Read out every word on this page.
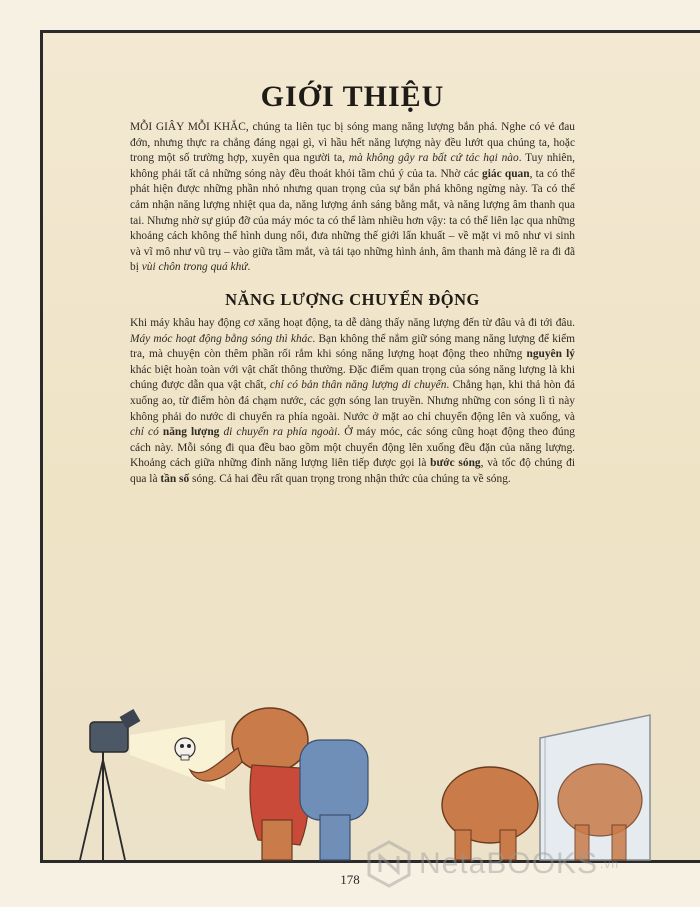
GIỚI THIỆU

MỖI GIÂY MỖI KHẮC, chúng ta liên tục bị sóng mang năng lượng bắn phá. Nghe có vẻ đau đớn, nhưng thực ra chẳng đáng ngại gì, vì hầu hết năng lượng này đều lướt qua chúng ta, hoặc trong một số trường hợp, xuyên qua người ta, mà không gây ra bất cứ tác hại nào. Tuy nhiên, không phải tất cả những sóng này đều thoát khỏi tầm chú ý của ta. Nhờ các giác quan, ta có thể phát hiện được những phần nhỏ nhưng quan trọng của sự bắn phá không ngừng này. Ta có thể cảm nhận năng lượng nhiệt qua da, năng lượng ánh sáng bằng mắt, và năng lượng âm thanh qua tai. Nhưng nhờ sự giúp đỡ của máy móc ta có thể làm nhiều hơn vậy: ta có thể liên lạc qua những khoảng cách không thể hình dung nổi, đưa những thế giới lẩn khuất – về mặt vi mô như vi sinh và vĩ mô như vũ trụ – vào giữa tầm mắt, và tái tạo những hình ảnh, âm thanh mà đáng lẽ ra đi đã bị vùi chôn trong quá khứ.

NĂNG LƯỢNG CHUYỂN ĐỘNG

Khi máy khâu hay động cơ xăng hoạt động, ta dễ dàng thấy năng lượng đến từ đâu và đi tới đâu. Máy móc hoạt động bằng sóng thì khác. Bạn không thể nắm giữ sóng mang năng lượng để kiểm tra, mà chuyện còn thêm phần rối rắm khi sóng năng lượng hoạt động theo những nguyên lý khác biệt hoàn toàn với vật chất thông thường. Đặc điểm quan trọng của sóng năng lượng là khi chúng được dẫn qua vật chất, chỉ có bản thân năng lượng di chuyển. Chẳng hạn, khi thả hòn đá xuống ao, từ điểm hòn đá chạm nước, các gợn sóng lan truyền. Nhưng những con sóng lì tì này không phải do nước di chuyển ra phía ngoài. Nước ở mặt ao chỉ chuyển động lên và xuống, và chỉ có năng lượng di chuyển ra phía ngoài. Ở máy móc, các sóng cũng hoạt động theo đúng cách này. Mỗi sóng đi qua đều bao gồm một chuyển động lên xuống đều đặn của năng lượng. Khoảng cách giữa những đỉnh năng lượng liên tiếp được gọi là bước sóng, và tốc độ chúng đi qua là tần số sóng. Cả hai đều rất quan trọng trong nhận thức của chúng ta về sóng.

NetaBOOKS .vn
178
